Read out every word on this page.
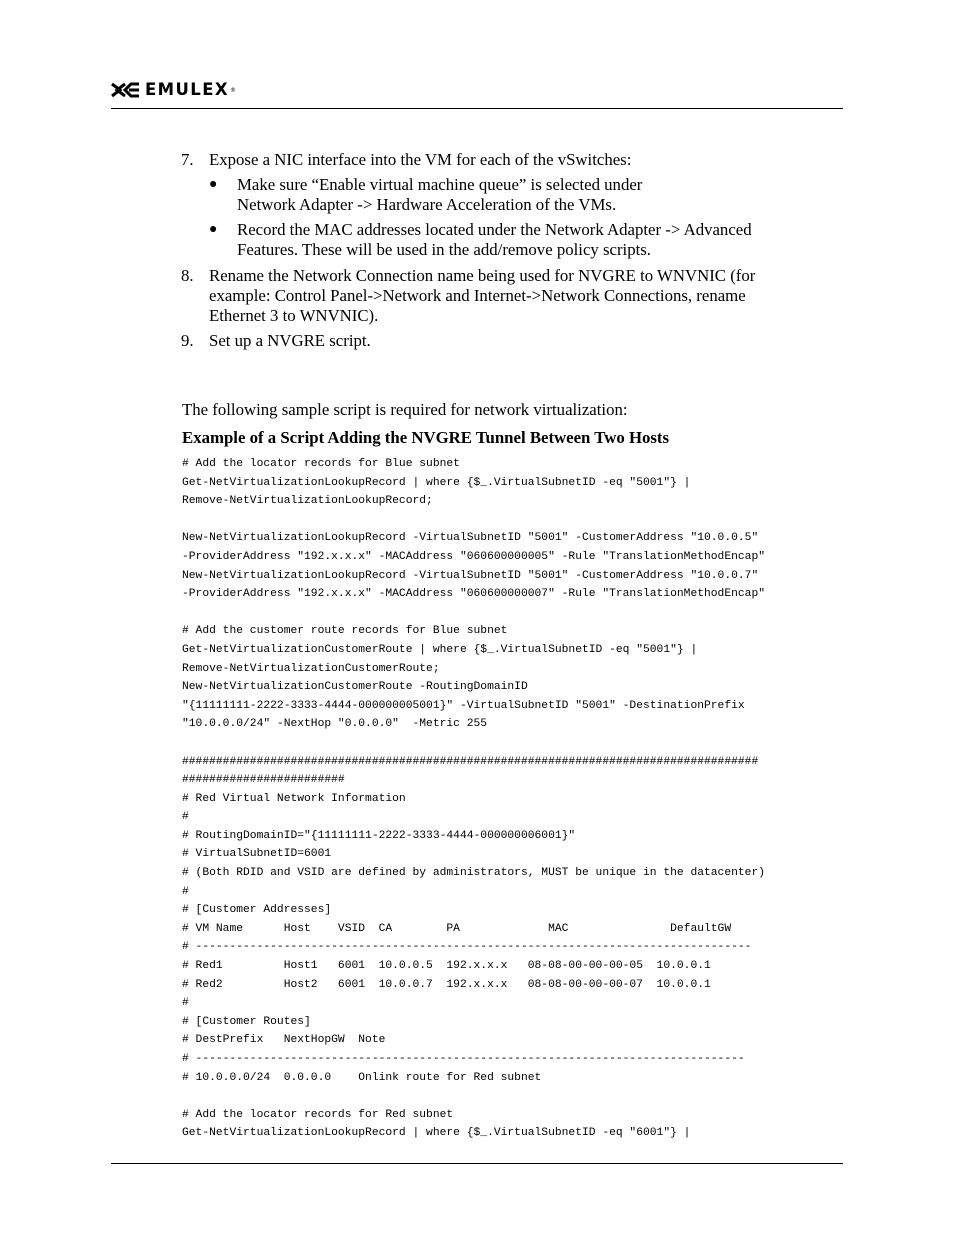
EMULEX ®
7. Expose a NIC interface into the VM for each of the vSwitches:
● Make sure “Enable virtual machine queue” is selected under
Network Adapter -> Hardware Acceleration of the VMs.
● Record the MAC addresses located under the Network Adapter -> Advanced
Features. These will be used in the add/remove policy scripts.
8. Rename the Network Connection name being used for NVGRE to WNVNIC (for
example: Control Panel->Network and Internet->Network Connections, rename
Ethernet 3 to WNVNIC).
9. Set up a NVGRE script.
The following sample script is required for network virtualization:
Example of a Script Adding the NVGRE Tunnel Between Two Hosts
# Add the locator records for Blue subnet
Get-NetVirtualizationLookupRecord | where {$_.VirtualSubnetID -eq "5001"} |
Remove-NetVirtualizationLookupRecord;
New-NetVirtualizationLookupRecord -VirtualSubnetID "5001" -CustomerAddress "10.0.0.5"
-ProviderAddress "192.x.x.x" -MACAddress "060600000005" -Rule "TranslationMethodEncap"
New-NetVirtualizationLookupRecord -VirtualSubnetID "5001" -CustomerAddress "10.0.0.7"
-ProviderAddress "192.x.x.x" -MACAddress "060600000007" -Rule "TranslationMethodEncap"
# Add the customer route records for Blue subnet
Get-NetVirtualizationCustomerRoute | where {$_.VirtualSubnetID -eq "5001"} |
Remove-NetVirtualizationCustomerRoute;
New-NetVirtualizationCustomerRoute -RoutingDomainID
"{11111111-2222-3333-4444-000000005001}" -VirtualSubnetID "5001" -DestinationPrefix
"10.0.0.0/24" -NextHop "0.0.0.0"  -Metric 255
#####################################################################################
########################
# Red Virtual Network Information
#
# RoutingDomainID="{11111111-2222-3333-4444-000000006001}"
# VirtualSubnetID=6001
# (Both RDID and VSID are defined by administrators, MUST be unique in the datacenter)
#
# [Customer Addresses]
# VM Name      Host    VSID  CA        PA             MAC               DefaultGW
# ----------------------------------------------------------------------------------
# Red1         Host1   6001  10.0.0.5  192.x.x.x   08-08-00-00-00-05  10.0.0.1
# Red2         Host2   6001  10.0.0.7  192.x.x.x   08-08-00-00-00-07  10.0.0.1
#
# [Customer Routes]
# DestPrefix   NextHopGW  Note
# ---------------------------------------------------------------------------------
# 10.0.0.0/24  0.0.0.0    Onlink route for Red subnet
# Add the locator records for Red subnet
Get-NetVirtualizationLookupRecord | where {$_.VirtualSubnetID -eq "6001"} |
